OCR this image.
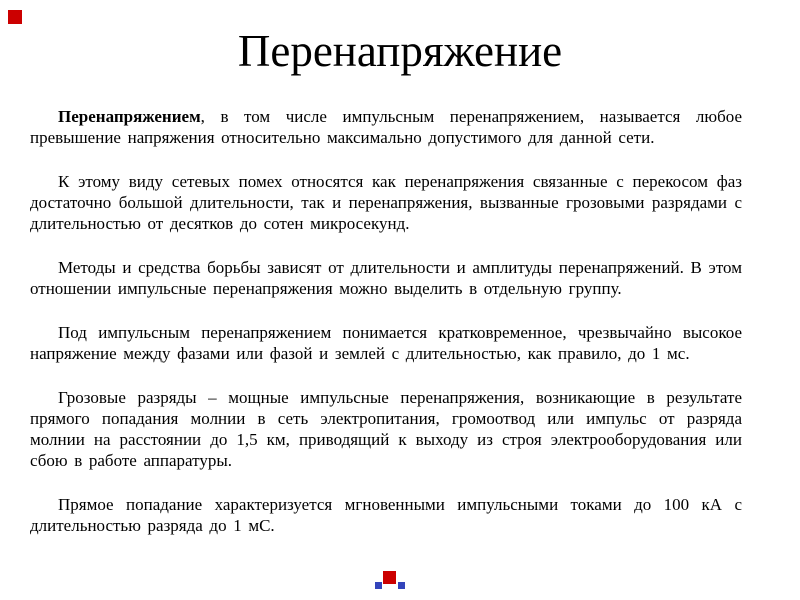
Перенапряжение

Перенапряжением, в том числе импульсным перенапряжением, называется любое превышение напряжения относительно максимально допустимого для данной сети.

К этому виду сетевых помех относятся как перенапряжения связанные с перекосом фаз достаточно большой длительности, так и перенапряжения, вызванные грозовыми разрядами с длительностью от десятков до сотен микросекунд.

Методы и средства борьбы зависят от длительности и амплитуды перенапряжений. В этом отношении импульсные перенапряжения можно выделить в отдельную группу.

Под импульсным перенапряжением понимается кратковременное, чрезвычайно высокое напряжение между фазами или фазой и землей с длительностью, как правило, до 1 мс.

Грозовые разряды – мощные импульсные перенапряжения, возникающие в результате прямого попадания молнии в сеть электропитания, громоотвод или импульс от разряда молнии на расстоянии до 1,5 км, приводящий к выходу из строя электрооборудования или сбою в работе аппаратуры.

Прямое попадание характеризуется мгновенными импульсными токами до 100 кА с длительностью разряда до 1 мС.
